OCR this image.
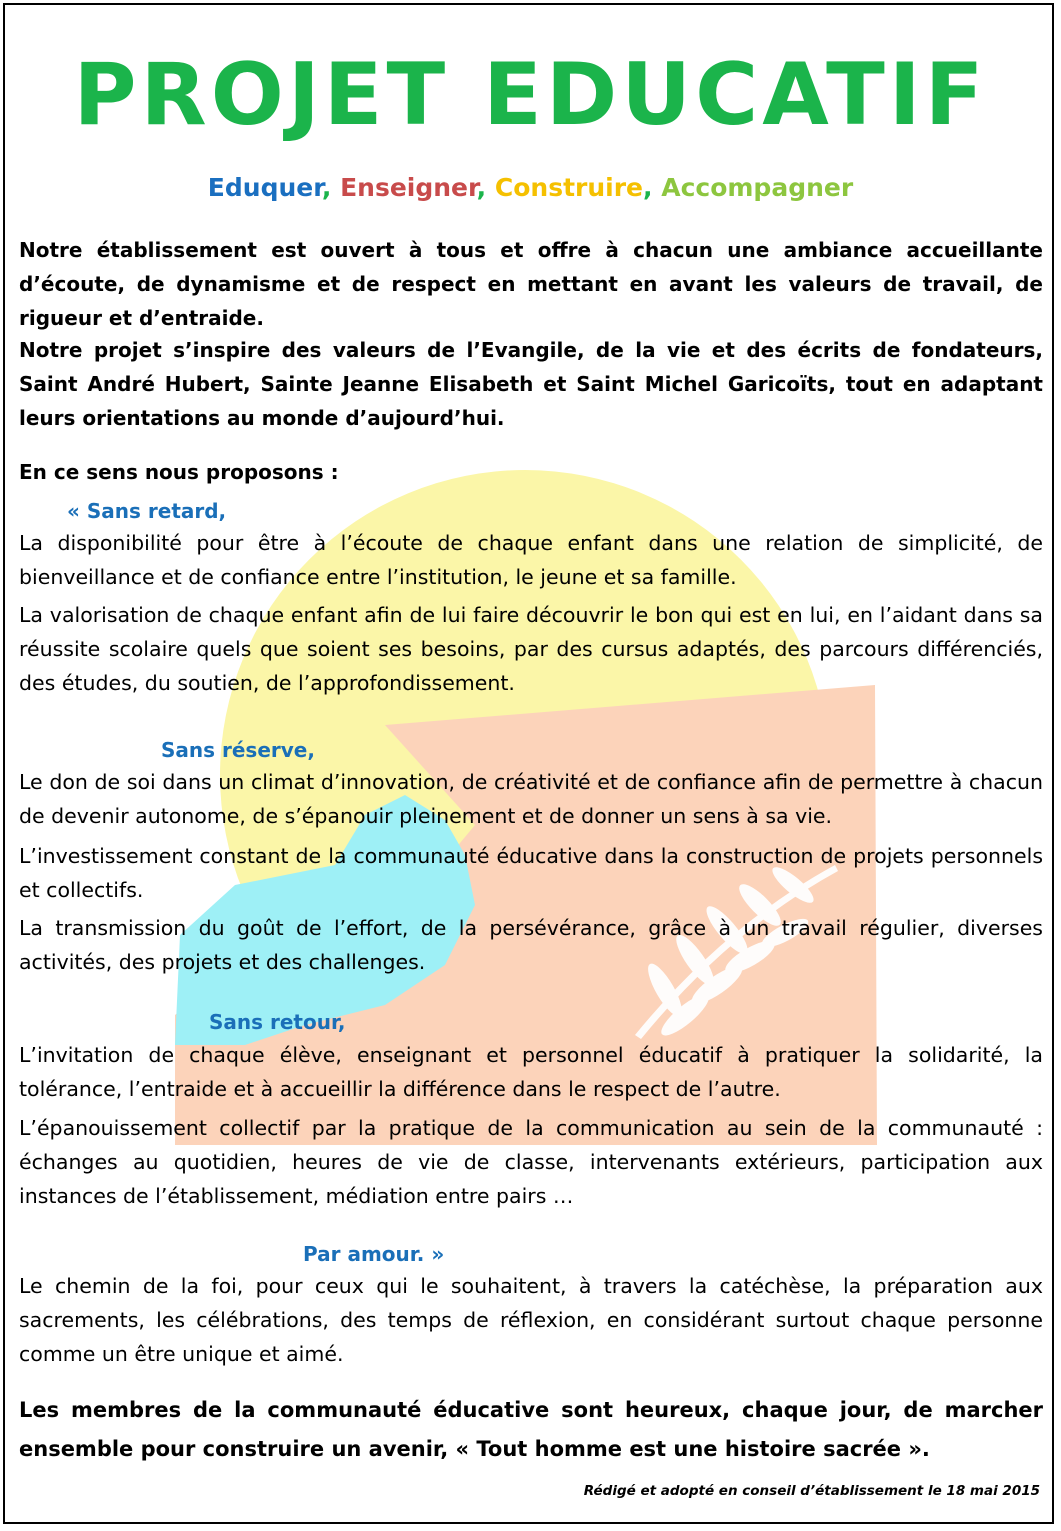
PROJET EDUCATIF
Eduquer, Enseigner, Construire, Accompagner
Notre établissement est ouvert à tous et offre à chacun une ambiance accueillante d’écoute, de dynamisme et de respect en mettant en avant les valeurs de travail, de rigueur et d’entraide.
Notre projet s’inspire des valeurs de l’Evangile, de la vie et des écrits de fondateurs, Saint André Hubert, Sainte Jeanne Elisabeth et Saint Michel Garicoïts, tout en adaptant leurs orientations au monde d’aujourd’hui.
En ce sens nous proposons :
« Sans retard,
La disponibilité pour être à l’écoute de chaque enfant dans une relation de simplicité, de bienveillance et de confiance entre l’institution, le jeune et sa famille.
La valorisation de chaque enfant afin de lui faire découvrir le bon qui est en lui, en l’aidant dans sa réussite scolaire quels que soient ses besoins, par des cursus adaptés, des parcours différenciés, des études, du soutien, de l’approfondissement.
Sans réserve,
Le don de soi dans un climat d’innovation, de créativité et de confiance afin de permettre à chacun de devenir autonome, de s’épanouir pleinement et de donner un sens à sa vie.
L’investissement constant de la communauté éducative dans la construction de projets personnels et collectifs.
La transmission du goût de l’effort, de la persévérance, grâce à un travail régulier, diverses activités, des projets et des challenges.
Sans retour,
L’invitation de chaque élève, enseignant et personnel éducatif à pratiquer la solidarité, la tolérance, l’entraide et à accueillir la différence dans le respect de l’autre.
L’épanouissement collectif par la pratique de la communication au sein de la communauté : échanges au quotidien, heures de vie de classe, intervenants extérieurs, participation aux instances de l’établissement, médiation entre pairs …
Par amour. »
Le chemin de la foi, pour ceux qui le souhaitent, à travers la catéchèse, la préparation aux sacrements, les célébrations, des temps de réflexion, en considérant surtout chaque personne comme un être unique et aimé.
Les membres de la communauté éducative sont heureux, chaque jour, de marcher ensemble pour construire un avenir, « Tout homme est une histoire sacrée ».
Rédigé et adopté en conseil d’établissement le 18 mai 2015
